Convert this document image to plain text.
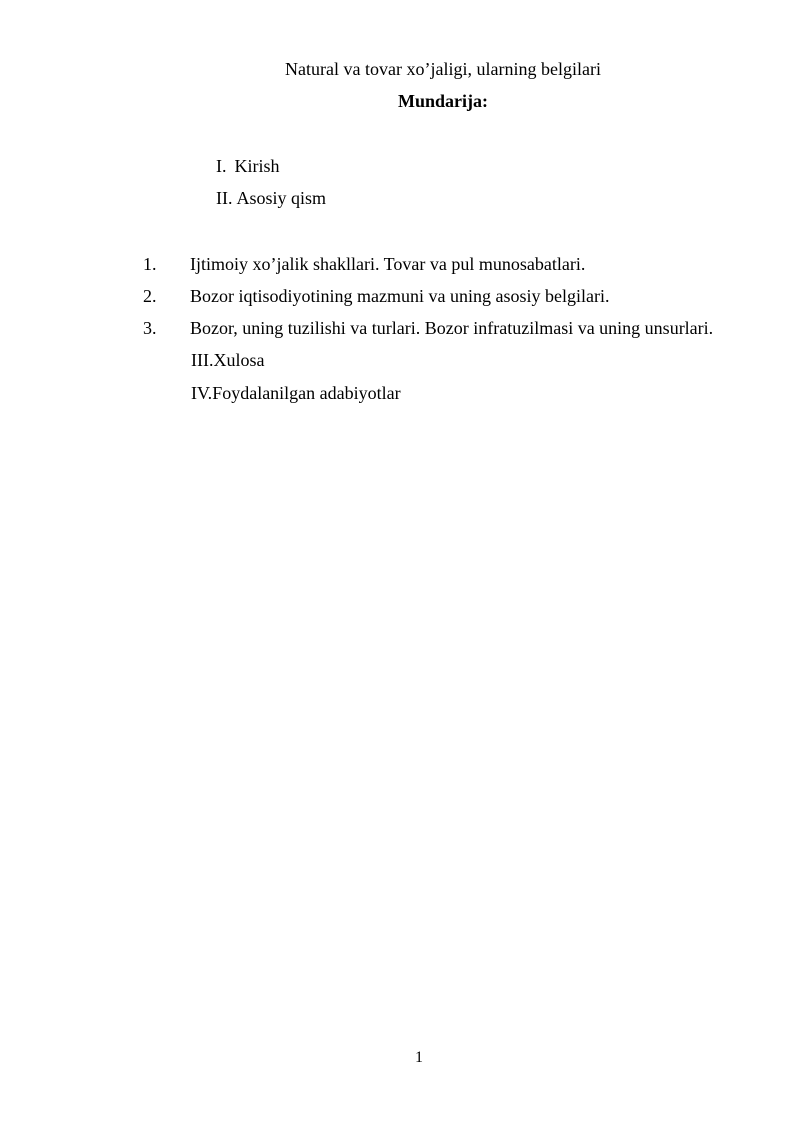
Natural va tovar xo’jaligi, ularning belgilari
Mundarija:
I. Kirish
II. Asosiy qism
1. Ijtimoiy xo’jalik shakllari. Tovar va pul munosabatlari.
2. Bozor iqtisodiyotining mazmuni va uning asosiy belgilari.
3. Bozor, uning tuzilishi va turlari. Bozor infratuzilmasi va uning unsurlari.
III.Xulosa
IV.Foydalanilgan adabiyotlar
1
